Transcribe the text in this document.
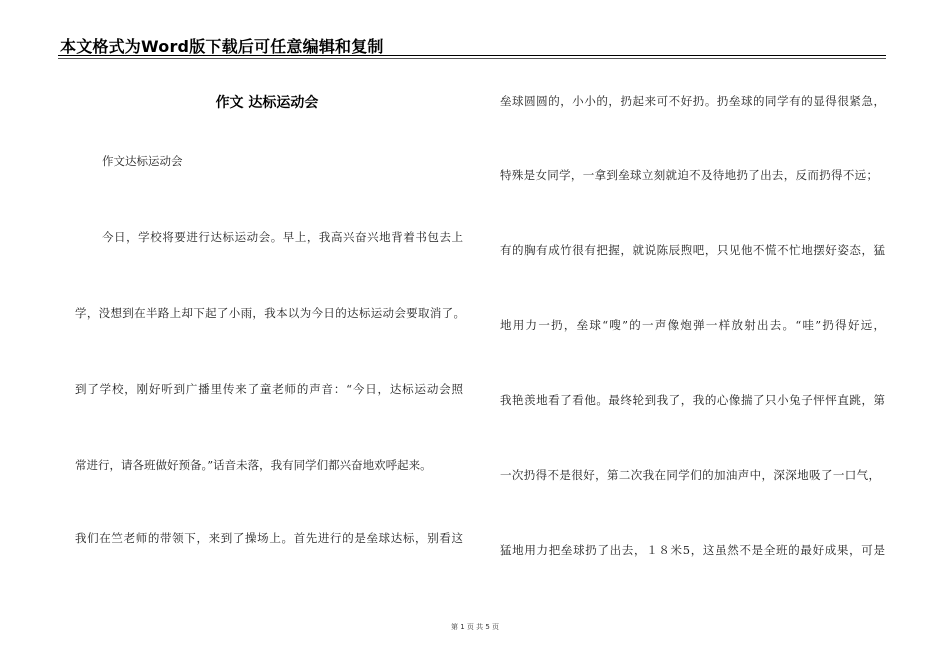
本文格式为Word版下载后可任意编辑和复制
作文 达标运动会
作文达标运动会
今日，学校将要进行达标运动会。早上，我高兴奋兴地背着书包去上
学，没想到在半路上却下起了小雨，我本以为今日的达标运动会要取消了。
到了学校，刚好听到广播里传来了童老师的声音：“今日，达标运动会照
常进行，请各班做好预备。”话音未落，我有同学们都兴奋地欢呼起来。
我们在竺老师的带领下，来到了操场上。首先进行的是垒球达标，别看这
垒球圆圆的，小小的，扔起来可不好扔。扔垒球的同学有的显得很紧急，
特殊是女同学，一拿到垒球立刻就迫不及待地扔了出去，反而扔得不远；
有的胸有成竹很有把握，就说陈辰煦吧，只见他不慌不忙地摆好姿态，猛
地用力一扔，垒球“嗖”的一声像炮弹一样放射出去。“哇”扔得好远，
我艳羡地看了看他。最终轮到我了，我的心像揣了只小兔子怦怦直跳，第
一次扔得不是很好，第二次我在同学们的加油声中，深深地吸了一口气，
猛地用力把垒球扔了出去，１８米5，这虽然不是全班的最好成果，可是
第 1 页 共 5 页
